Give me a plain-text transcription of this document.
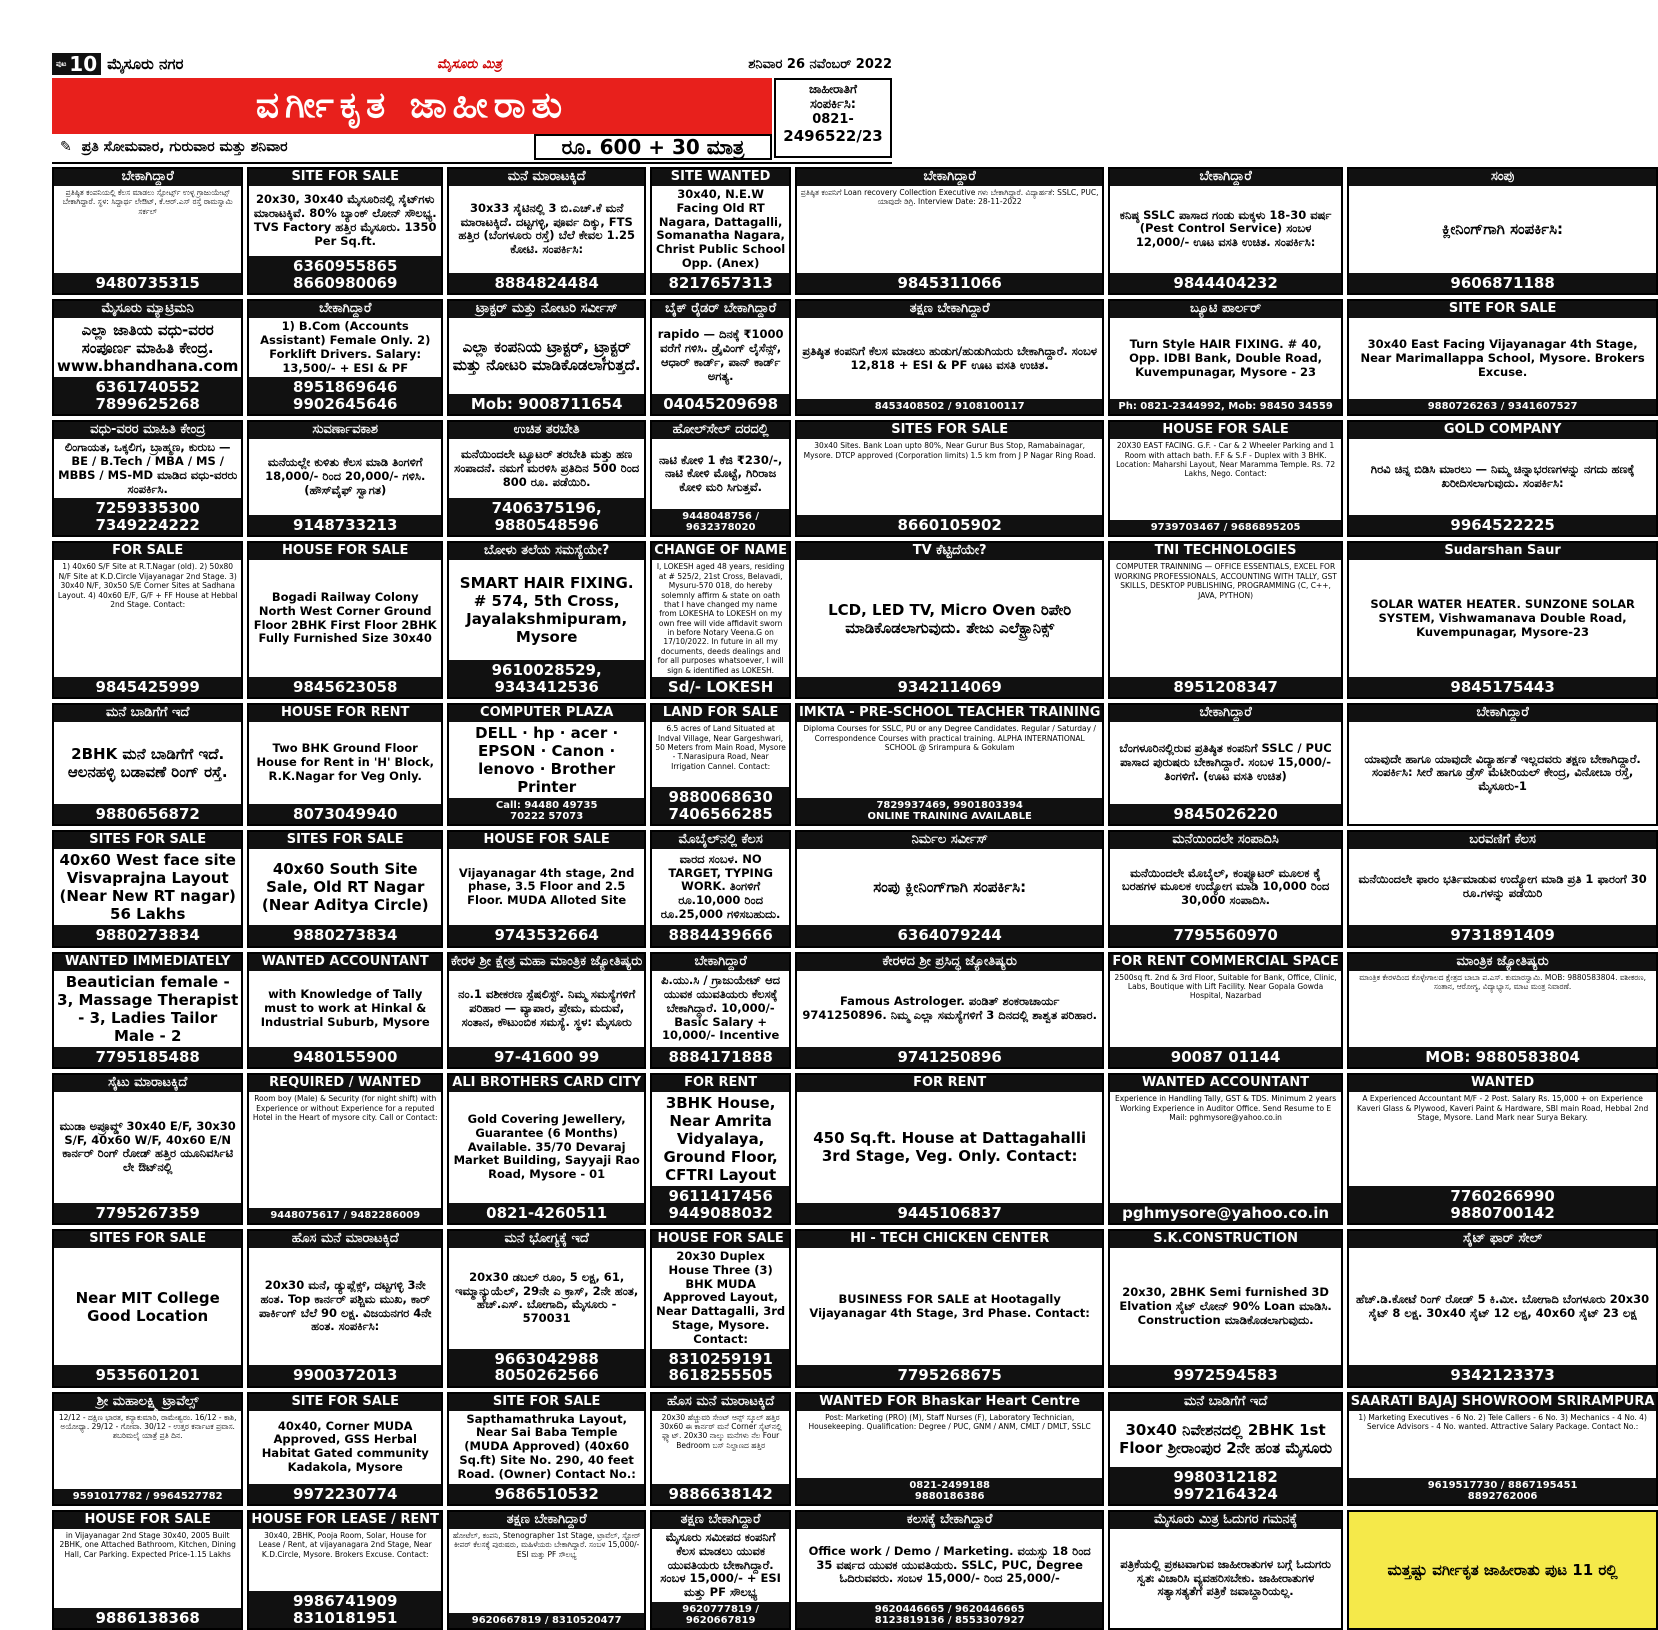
ಪುಟ 10 ಮೈಸೂರು ನಗರ	ಮೈಸೂರು ಮಿತ್ರ	ಶನಿವಾರ 26 ನವೆಂಬರ್ 2022
ವರ್ಗೀಕೃತ ಜಾಹೀರಾತು	ಜಾಹೀರಾತಿಗೆ
ಸಂಪರ್ಕಿಸಿ:
0821-
2496522/23
✎ ಪ್ರತಿ ಸೋಮವಾರ, ಗುರುವಾರ ಮತ್ತು ಶನಿವಾರ	ರೂ. 600 + 30 ಮಾತ್ರ
ಬೇಕಾಗಿದ್ದಾರೆ
ಪ್ರತಿಷ್ಠಿತ ಕಂಪನಿಯಲ್ಲಿ ಕೆಲಸ ಮಾಡಲು ಸ್ಪೋರ್ಟ್ಸ್ ಉಳ್ಳ ಗ್ರಾಜುಯೇಟ್ಸ್ ಬೇಕಾಗಿದ್ದಾರೆ. ಸ್ಥಳ: ಸಿದ್ದಾರ್ಥ ಲೇಔಟ್, ಕೆ.ಆರ್.ಎಸ್ ರಸ್ತೆ ರಾಮಸ್ವಾಮಿ ಸರ್ಕಲ್
9480735315
SITE FOR SALE
20x30, 30x40 ಮೈಸೂರಿನಲ್ಲಿ ಸೈಟ್‌ಗಳು ಮಾರಾಟಕ್ಕಿವೆ. 80% ಬ್ಯಾಂಕ್ ಲೋನ್ ಸೌಲಭ್ಯ. TVS Factory ಹತ್ತಿರ ಮೈಸೂರು. 1350 Per Sq.ft.
6360955865
8660980069
ಮನೆ ಮಾರಾಟಕ್ಕಿದೆ
30x33 ಸೈಟಿನಲ್ಲಿ 3 ಬಿ.ಎಚ್.ಕೆ ಮನೆ ಮಾರಾಟಕ್ಕಿದೆ. ದಟ್ಟಗಳ್ಳಿ, ಪೂರ್ವ ದಿಕ್ಕು, FTS ಹತ್ತಿರ (ಬೆಂಗಳೂರು ರಸ್ತೆ) ಬೆಲೆ ಕೇವಲ 1.25 ಕೋಟಿ. ಸಂಪರ್ಕಿಸಿ:
8884824484
SITE WANTED
30x40, N.E.W Facing Old RT Nagara, Dattagalli, Somanatha Nagara, Christ Public School Opp. (Anex)
8217657313
ಬೇಕಾಗಿದ್ದಾರೆ
ಪ್ರತಿಷ್ಠಿತ ಕಂಪನಿಗೆ Loan recovery Collection Executive ಗಳು ಬೇಕಾಗಿದ್ದಾರೆ. ವಿದ್ಯಾರ್ಹತೆ: SSLC, PUC, ಯಾವುದೇ ಡಿಗ್ರಿ. Interview Date: 28-11-2022
9845311066
ಬೇಕಾಗಿದ್ದಾರೆ
ಕನಿಷ್ಠ SSLC ಪಾಸಾದ ಗಂಡು ಮಕ್ಕಳು 18-30 ವರ್ಷ (Pest Control Service) ಸಂಬಳ 12,000/- ಊಟ ವಸತಿ ಉಚಿತ. ಸಂಪರ್ಕಿಸಿ:
9844404232
ಸಂಪು
ಕ್ಲೀನಿಂಗ್‌ಗಾಗಿ ಸಂಪರ್ಕಿಸಿ:
9606871188
ಮೈಸೂರು ಮ್ಯಾಟ್ರಿಮನಿ
ಎಲ್ಲಾ ಜಾತಿಯ ವಧು-ವರರ ಸಂಪೂರ್ಣ ಮಾಹಿತಿ ಕೇಂದ್ರ. www.bhandhana.com
6361740552
7899625268
ಬೇಕಾಗಿದ್ದಾರೆ
1) B.Com (Accounts Assistant) Female Only. 2) Forklift Drivers. Salary: 13,500/- + ESI & PF
8951869646
9902645646
ಟ್ರಾಕ್ಟರ್ ಮತ್ತು ನೋಟರಿ ಸರ್ವೀಸ್
ಎಲ್ಲಾ ಕಂಪನಿಯ ಟ್ರಾಕ್ಟರ್, ಟ್ರ್ಯಾಕ್ಟರ್ ಮತ್ತು ನೋಟರಿ ಮಾಡಿಕೊಡಲಾಗುತ್ತದೆ.
Mob: 9008711654
ಬೈಕ್ ರೈಡರ್ ಬೇಕಾಗಿದ್ದಾರೆ
rapido — ದಿನಕ್ಕೆ ₹1000 ವರೆಗೆ ಗಳಿಸಿ. ಡ್ರೈವಿಂಗ್ ಲೈಸೆನ್ಸ್, ಆಧಾರ್ ಕಾರ್ಡ್, ಪಾನ್ ಕಾರ್ಡ್ ಅಗತ್ಯ.
04045209698
ತಕ್ಷಣ ಬೇಕಾಗಿದ್ದಾರೆ
ಪ್ರತಿಷ್ಠಿತ ಕಂಪನಿಗೆ ಕೆಲಸ ಮಾಡಲು ಹುಡುಗ/ಹುಡುಗಿಯರು ಬೇಕಾಗಿದ್ದಾರೆ. ಸಂಬಳ 12,818 + ESI & PF ಊಟ ವಸತಿ ಉಚಿತ.
8453408502 / 9108100117
ಬ್ಯೂಟಿ ಪಾರ್ಲರ್
Turn Style HAIR FIXING. # 40, Opp. IDBI Bank, Double Road, Kuvempunagar, Mysore - 23
Ph: 0821-2344992, Mob: 98450 34559
SITE FOR SALE
30x40 East Facing Vijayanagar 4th Stage, Near Marimallappa School, Mysore. Brokers Excuse.
9880726263 / 9341607527
ವಧು-ವರರ ಮಾಹಿತಿ ಕೇಂದ್ರ
ಲಿಂಗಾಯತ, ಒಕ್ಕಲಿಗ, ಬ್ರಾಹ್ಮಣ, ಕುರುಬ — BE / B.Tech / MBA / MS / MBBS / MS-MD ಮಾಡಿದ ವಧು-ವರರು ಸಂಪರ್ಕಿಸಿ.
7259335300
7349224222
ಸುವರ್ಣಾವಕಾಶ
ಮನೆಯಲ್ಲೇ ಕುಳಿತು ಕೆಲಸ ಮಾಡಿ ತಿಂಗಳಿಗೆ 18,000/- ರಿಂದ 20,000/- ಗಳಿಸಿ. (ಹೌಸ್‌ವೈಫ್ ಸ್ವಾಗತ)
9148733213
ಉಚಿತ ತರಬೇತಿ
ಮನೆಯಿಂದಲೇ ಟ್ಯೂಟರ್ ತರಬೇತಿ ಮತ್ತು ಹಣ ಸಂಪಾದನೆ. ನಮಗೆ ಮರಳಿಸಿ ಪ್ರತಿದಿನ 500 ರಿಂದ 800 ರೂ. ಪಡೆಯಿರಿ.
7406375196, 9880548596
ಹೋಲ್‌ಸೇಲ್ ದರದಲ್ಲಿ
ನಾಟಿ ಕೋಳಿ 1 ಕೆಜಿ ₹230/-, ನಾಟಿ ಕೋಳಿ ಮೊಟ್ಟೆ, ಗಿರಿರಾಜ ಕೋಳಿ ಮರಿ ಸಿಗುತ್ತವೆ.
9448048756 / 9632378020
SITES FOR SALE
30x40 Sites. Bank Loan upto 80%, Near Gurur Bus Stop, Ramabainagar, Mysore. DTCP approved (Corporation limits) 1.5 km from J P Nagar Ring Road.
8660105902
HOUSE FOR SALE
20X30 EAST FACING. G.F. - Car & 2 Wheeler Parking and 1 Room with attach bath. F.F & S.F - Duplex with 3 BHK. Location: Maharshi Layout, Near Maramma Temple. Rs. 72 Lakhs, Nego. Contact:
9739703467 / 9686895205
GOLD COMPANY
ಗಿರವಿ ಚಿನ್ನ ಬಿಡಿಸಿ ಮಾರಲು — ನಿಮ್ಮ ಚಿನ್ನಾಭರಣಗಳನ್ನು ನಗದು ಹಣಕ್ಕೆ ಖರೀದಿಸಲಾಗುವುದು. ಸಂಪರ್ಕಿಸಿ:
9964522225
FOR SALE
1) 40x60 S/F Site at R.T.Nagar (old). 2) 50x80 N/F Site at K.D.Circle Vijayanagar 2nd Stage. 3) 30x40 N/F, 30x50 S/E Corner Sites at Sadhana Layout. 4) 40x60 E/F, G/F + FF House at Hebbal 2nd Stage. Contact:
9845425999
HOUSE FOR SALE
Bogadi Railway Colony North West Corner Ground Floor 2BHK First Floor 2BHK Fully Furnished Size 30x40
9845623058
ಬೋಳು ತಲೆಯ ಸಮಸ್ಯೆಯೇ?
SMART HAIR FIXING. # 574, 5th Cross, Jayalakshmipuram, Mysore
9610028529, 9343412536
CHANGE OF NAME
I, LOKESH aged 48 years, residing at # 525/2, 21st Cross, Belavadi, Mysuru-570 018, do hereby solemnly affirm & state on oath that I have changed my name from LOKESHA to LOKESH on my own free will vide affidavit sworn in before Notary Veena.G on 17/10/2022. In future in all my documents, deeds dealings and for all purposes whatsoever, I will sign & identified as LOKESH.
Sd/- LOKESH
TV ಕೆಟ್ಟಿದೆಯೇ?
LCD, LED TV, Micro Oven ರಿಪೇರಿ ಮಾಡಿಕೊಡಲಾಗುವುದು. ತೇಜು ಎಲೆಕ್ಟ್ರಾನಿಕ್ಸ್
9342114069
TNI TECHNOLOGIES
COMPUTER TRAINNING — OFFICE ESSENTIALS, EXCEL FOR WORKING PROFESSIONALS, ACCOUNTING WITH TALLY, GST SKILLS, DESKTOP PUBLISHING, PROGRAMMING (C, C++, JAVA, PYTHON)
8951208347
Sudarshan Saur
SOLAR WATER HEATER. SUNZONE SOLAR SYSTEM, Vishwamanava Double Road, Kuvempunagar, Mysore-23
9845175443
ಮನೆ ಬಾಡಿಗೆಗೆ ಇದೆ
2BHK ಮನೆ ಬಾಡಿಗೆಗೆ ಇದೆ. ಆಲನಹಳ್ಳಿ ಬಡಾವಣೆ ರಿಂಗ್ ರಸ್ತೆ.
9880656872
HOUSE FOR RENT
Two BHK Ground Floor House for Rent in 'H' Block, R.K.Nagar for Veg Only.
8073049940
COMPUTER PLAZA
DELL · hp · acer · EPSON · Canon · lenovo · Brother Printer
Call: 94480 49735
70222 57073
LAND FOR SALE
6.5 acres of Land Situated at Indval Village, Near Gargeshwari, 50 Meters from Main Road, Mysore - T.Narasipura Road, Near Irrigation Cannel. Contact:
9880068630
7406566285
IMKTA - PRE-SCHOOL TEACHER TRAINING
Diploma Courses for SSLC, PU or any Degree Candidates. Regular / Saturday / Correspondence Courses with practical training. ALPHA INTERNATIONAL SCHOOL @ Srirampura & Gokulam
7829937469, 9901803394
ONLINE TRAINING AVAILABLE
ಬೇಕಾಗಿದ್ದಾರೆ
ಬೆಂಗಳೂರಿನಲ್ಲಿರುವ ಪ್ರತಿಷ್ಠಿತ ಕಂಪನಿಗೆ SSLC / PUC ಪಾಸಾದ ಪುರುಷರು ಬೇಕಾಗಿದ್ದಾರೆ. ಸಂಬಳ 15,000/- ತಿಂಗಳಿಗೆ. (ಊಟ ವಸತಿ ಉಚಿತ)
9845026220
ಬೇಕಾಗಿದ್ದಾರೆ
ಯಾವುದೇ ಹಾಗೂ ಯಾವುದೇ ವಿದ್ಯಾರ್ಹತೆ ಇಲ್ಲದವರು ತಕ್ಷಣ ಬೇಕಾಗಿದ್ದಾರೆ. ಸಂಪರ್ಕಿಸಿ: ಸೀರೆ ಹಾಗೂ ಡ್ರೆಸ್ ಮೆಟೀರಿಯಲ್ ಕೇಂದ್ರ, ವಿನೋಬಾ ರಸ್ತೆ, ಮೈಸೂರು-1
SITES FOR SALE
40x60 West face site Visvaprajna Layout (Near New RT nagar) 56 Lakhs
9880273834
SITES FOR SALE
40x60 South Site Sale, Old RT Nagar (Near Aditya Circle)
9880273834
HOUSE FOR SALE
Vijayanagar 4th stage, 2nd phase, 3.5 Floor and 2.5 Floor. MUDA Alloted Site
9743532664
ಮೊಬೈಲ್‌ನಲ್ಲಿ ಕೆಲಸ
ವಾರದ ಸಂಬಳ. NO TARGET, TYPING WORK. ತಿಂಗಳಿಗೆ ರೂ.10,000 ರಿಂದ ರೂ.25,000 ಗಳಿಸಬಹುದು.
8884439666
ನಿರ್ಮಲ ಸರ್ವೀಸ್
ಸಂಪು ಕ್ಲೀನಿಂಗ್‌ಗಾಗಿ ಸಂಪರ್ಕಿಸಿ:
6364079244
ಮನೆಯಿಂದಲೇ ಸಂಪಾದಿಸಿ
ಮನೆಯಿಂದಲೇ ಮೊಬೈಲ್, ಕಂಪ್ಯೂಟರ್ ಮೂಲಕ ಕೈ ಬರಹಗಳ ಮೂಲಕ ಉದ್ಯೋಗ ಮಾಡಿ 10,000 ರಿಂದ 30,000 ಸಂಪಾದಿಸಿ.
7795560970
ಬರವಣಿಗೆ ಕೆಲಸ
ಮನೆಯಿಂದಲೇ ಫಾರಂ ಭರ್ತಿಮಾಡುವ ಉದ್ಯೋಗ ಮಾಡಿ ಪ್ರತಿ 1 ಫಾರಂಗೆ 30 ರೂ.ಗಳನ್ನು ಪಡೆಯಿರಿ
9731891409
WANTED IMMEDIATELY
Beautician female - 3, Massage Therapist - 3, Ladies Tailor Male - 2
7795185488
WANTED ACCOUNTANT
with Knowledge of Tally must to work at Hinkal & Industrial Suburb, Mysore
9480155900
ಕೇರಳ ಶ್ರೀ ಕ್ಷೇತ್ರ ಮಹಾ ಮಾಂತ್ರಿಕ ಜ್ಯೋತಿಷ್ಯರು
ನಂ.1 ವಶೀಕರಣ ಸ್ಪೆಷಲಿಸ್ಟ್. ನಿಮ್ಮ ಸಮಸ್ಯೆಗಳಿಗೆ ಪರಿಹಾರ — ವ್ಯಾಪಾರ, ಪ್ರೇಮ, ಮದುವೆ, ಸಂತಾನ, ಕೌಟುಂಬಿಕ ಸಮಸ್ಯೆ. ಸ್ಥಳ: ಮೈಸೂರು
97-41600 99
ಬೇಕಾಗಿದ್ದಾರೆ
ಪಿ.ಯು.ಸಿ / ಗ್ರಾಜುಯೇಟ್ ಆದ ಯುವಕ ಯುವತಿಯರು ಕೆಲಸಕ್ಕೆ ಬೇಕಾಗಿದ್ದಾರೆ. 10,000/- Basic Salary + 10,000/- Incentive
8884171888
ಕೇರಳದ ಶ್ರೀ ಪ್ರಸಿದ್ಧ ಜ್ಯೋತಿಷ್ಯರು
Famous Astrologer. ಪಂಡಿತ್ ಶಂಕರಾಚಾರ್ಯ 9741250896. ನಿಮ್ಮ ಎಲ್ಲಾ ಸಮಸ್ಯೆಗಳಿಗೆ 3 ದಿನದಲ್ಲಿ ಶಾಶ್ವತ ಪರಿಹಾರ.
9741250896
FOR RENT COMMERCIAL SPACE
2500sq ft. 2nd & 3rd Floor, Suitable for Bank, Office, Clinic, Labs, Boutique with Lift Facility. Near Gopala Gowda Hospital, Nazarbad
90087 01144
ಮಾಂತ್ರಿಕ ಜ್ಯೋತಿಷ್ಯರು
ಮಾಂತ್ರಿಕ ಕೇರಳದಿಂದ ಕೊಳ್ಳೇಗಾಲದ ಕ್ಷೇತ್ರದ ಬಾಬಾ ಪ.ಎಸ್. ಕುಮಾರಸ್ವಾಮಿ. MOB: 9880583804. ವಶೀಕರಣ, ಸಂತಾನ, ಆರೋಗ್ಯ, ವಿದ್ಯಾಭ್ಯಾಸ, ಮಾಟ ಮಂತ್ರ ನಿವಾರಣೆ.
MOB: 9880583804
ಸೈಟು ಮಾರಾಟಕ್ಕಿದೆ
ಮುಡಾ ಅಪ್ರೂವ್ಡ್ 30x40 E/F, 30x30 S/F, 40x60 W/F, 40x60 E/N ಕಾರ್ನರ್ ರಿಂಗ್ ರೋಡ್ ಹತ್ತಿರ ಯೂನಿವರ್ಸಿಟಿ ಲೇ ಔಟ್‌ನಲ್ಲಿ
7795267359
REQUIRED / WANTED
Room boy (Male) & Security (for night shift) with Experience or without Experience for a reputed Hotel in the Heart of mysore city. Call or Contact:
9448075617 / 9482286009
ALI BROTHERS CARD CITY
Gold Covering Jewellery, Guarantee (6 Months) Available. 35/70 Devaraj Market Building, Sayyaji Rao Road, Mysore - 01
0821-4260511
FOR RENT
3BHK House, Near Amrita Vidyalaya, Ground Floor, CFTRI Layout
9611417456
9449088032
FOR RENT
450 Sq.ft. House at Dattagahalli 3rd Stage, Veg. Only. Contact:
9445106837
WANTED ACCOUNTANT
Experience in Handling Tally, GST & TDS. Minimum 2 years Working Experience in Auditor Office. Send Resume to E Mail: pghmysore@yahoo.co.in
pghmysore@yahoo.co.in
WANTED
A Experienced Accountant M/F - 2 Post. Salary Rs. 15,000 + on Experience Kaveri Glass & Plywood, Kaveri Paint & Hardware, SBI main Road, Hebbal 2nd Stage, Mysore. Land Mark near Surya Bekary.
7760266990
9880700142
SITES FOR SALE
Near MIT College Good Location
9535601201
ಹೊಸ ಮನೆ ಮಾರಾಟಕ್ಕಿದೆ
20x30 ಮನೆ, ಡ್ಯುಪ್ಲೆಕ್ಸ್, ದಟ್ಟಗಳ್ಳಿ 3ನೇ ಹಂತ. Top ಕಾರ್ನರ್ ಪಶ್ಚಿಮ ಮುಖ, ಕಾರ್ ಪಾರ್ಕಿಂಗ್ ಬೆಲೆ 90 ಲಕ್ಷ. ವಿಜಯನಗರ 4ನೇ ಹಂತ. ಸಂಪರ್ಕಿಸಿ:
9900372013
ಮನೆ ಭೋಗ್ಯಕ್ಕೆ ಇದೆ
20x30 ಡಬಲ್ ರೂಂ, 5 ಲಕ್ಷ, 61, ಇಮ್ಮಾನ್ಯುಯೆಲ್, 29ನೇ ಎ ಕ್ರಾಸ್, 2ನೇ ಹಂತ, ಹೆಚ್.ಎಸ್. ಬೋಗಾದಿ, ಮೈಸೂರು - 570031
9663042988
8050262566
HOUSE FOR SALE
20x30 Duplex House Three (3) BHK MUDA Approved Layout, Near Dattagalli, 3rd Stage, Mysore. Contact:
8310259191
8618255505
HI - TECH CHICKEN CENTER
BUSINESS FOR SALE at Hootagally Vijayanagar 4th Stage, 3rd Phase. Contact:
7795268675
S.K.CONSTRUCTION
20x30, 2BHK Semi furnished 3D Elvation ಸೈಟ್ ಲೋನ್ 90% Loan ಮಾಡಿಸಿ. Construction ಮಾಡಿಕೊಡಲಾಗುವುದು.
9972594583
ಸೈಟ್ ಫಾರ್ ಸೇಲ್
ಹೆಚ್.ಡಿ.ಕೋಟೆ ರಿಂಗ್ ರೋಡ್ 5 ಕಿ.ಮೀ. ಬೋಗಾದಿ ಬೆಂಗಳೂರು 20x30 ಸೈಟ್ 8 ಲಕ್ಷ. 30x40 ಸೈಟ್ 12 ಲಕ್ಷ, 40x60 ಸೈಟ್ 23 ಲಕ್ಷ
9342123373
ಶ್ರೀ ಮಹಾಲಕ್ಷ್ಮಿ ಟ್ರಾವೆಲ್ಸ್
12/12 - ದಕ್ಷಿಣ ಭಾರತ, ಕನ್ಯಾಕುಮಾರಿ, ರಾಮೇಶ್ವರಂ. 16/12 - ಕಾಶಿ, ಅಯೋಧ್ಯಾ. 29/12 - ಗೋವಾ. 30/12 - ಉತ್ತರ ಕರ್ನಾಟಕ ಪ್ರವಾಸ. ಶಬರಿಮಲೈ ಯಾತ್ರೆ ಪ್ರತಿ ದಿನ.
9591017782 / 9964527782
SITE FOR SALE
40x40, Corner MUDA Approved, GSS Herbal Habitat Gated community Kadakola, Mysore
9972230774
SITE FOR SALE
Sapthamathruka Layout, Near Sai Baba Temple (MUDA Approved) (40x60 Sq.ft) Site No. 290, 40 feet Road. (Owner) Contact No.:
9686510532
ಹೊಸ ಮನೆ ಮಾರಾಟಕ್ಕಿದೆ
20x30 ಹೆಚ್ಚುವರಿ ಸೇಂಟ್ ಆನ್ಸ್ ಸ್ಕೂಲ್ ಹತ್ತಿರ 30x60 ಈ ಕಾರ್ನರ್ ಮನೆ Corner ಸೈಟ್‌ನಲ್ಲಿ ಫ್ಲ್ಯಾಟ್. 20x30 ನಾಲ್ಕು ಮನೆಗಳು ನೆಲ Four Bedroom ಬಸ್ ನಿಲ್ದಾಣದ ಹತ್ತಿರ
9886638142
WANTED FOR Bhaskar Heart Centre
Post: Marketing (PRO) (M), Staff Nurses (F), Laboratory Technician, Housekeeping. Qualification: Degree / PUC, GNM / ANM, CMLT / DMLT, SSLC
0821-2499188
9880186386
ಮನೆ ಬಾಡಿಗೆಗೆ ಇದೆ
30x40 ನಿವೇಶನದಲ್ಲಿ 2BHK 1st Floor ಶ್ರೀರಾಂಪುರ 2ನೇ ಹಂತ ಮೈಸೂರು
9980312182
9972164324
SAARATI BAJAJ SHOWROOM SRIRAMPURA
1) Marketing Executives - 6 No. 2) Tele Callers - 6 No. 3) Mechanics - 4 No. 4) Service Advisors - 4 No. wanted. Attractive Salary Package. Contact No.:
9619517730 / 8867195451
8892762006
HOUSE FOR SALE
in Vijayanagar 2nd Stage 30x40, 2005 Built 2BHK, one Attached Bathroom, Kitchen, Dining Hall, Car Parking. Expected Price-1.15 Lakhs
9886138368
HOUSE FOR LEASE / RENT
30x40, 2BHK, Pooja Room, Solar, House for Lease / Rent, at vijayanagara 2nd Stage, Near K.D.Circle, Mysore. Brokers Excuse. Contact:
9986741909
8310181951
ತಕ್ಷಣ ಬೇಕಾಗಿದ್ದಾರೆ
ಹೋಟೆಲ್, ಕಂಪನಿ, Stenographer 1st Stage, ಟ್ರಾವೆಲ್, ಸ್ಟೋರ್ ಕೀಪರ್ ಕೆಲಸಕ್ಕೆ ಪುರುಷರು, ಮಹಿಳೆಯರು ಬೇಕಾಗಿದ್ದಾರೆ. ಸಂಬಳ 15,000/- ESI ಮತ್ತು PF ಸೌಲಭ್ಯ
9620667819 / 8310520477
ತಕ್ಷಣ ಬೇಕಾಗಿದ್ದಾರೆ
ಮೈಸೂರು ಸಮೀಪದ ಕಂಪನಿಗೆ ಕೆಲಸ ಮಾಡಲು ಯುವಕ ಯುವತಿಯರು ಬೇಕಾಗಿದ್ದಾರೆ. ಸಂಬಳ 15,000/- + ESI ಮತ್ತು PF ಸೌಲಭ್ಯ
9620777819 / 9620667819
ಕಲಸಕ್ಕೆ ಬೇಕಾಗಿದ್ದಾರೆ
Office work / Demo / Marketing. ವಯಸ್ಸು 18 ರಿಂದ 35 ವರ್ಷದ ಯುವಕ ಯುವತಿಯರು. SSLC, PUC, Degree ಓದಿರುವವರು. ಸಂಬಳ 15,000/- ರಿಂದ 25,000/-
9620446665 / 9620446665
8123819136 / 8553307927
ಮೈಸೂರು ಮಿತ್ರ ಓದುಗರ ಗಮನಕ್ಕೆ
ಪತ್ರಿಕೆಯಲ್ಲಿ ಪ್ರಕಟವಾಗುವ ಜಾಹೀರಾತುಗಳ ಬಗ್ಗೆ ಓದುಗರು ಸ್ವತಃ ವಿಚಾರಿಸಿ ವ್ಯವಹರಿಸಬೇಕು. ಜಾಹೀರಾತುಗಳ ಸತ್ಯಾಸತ್ಯತೆಗೆ ಪತ್ರಿಕೆ ಜವಾಬ್ದಾರಿಯಲ್ಲ.
ಮತ್ತಷ್ಟು ವರ್ಗೀಕೃತ ಜಾಹೀರಾತು ಪುಟ 11 ರಲ್ಲಿ
